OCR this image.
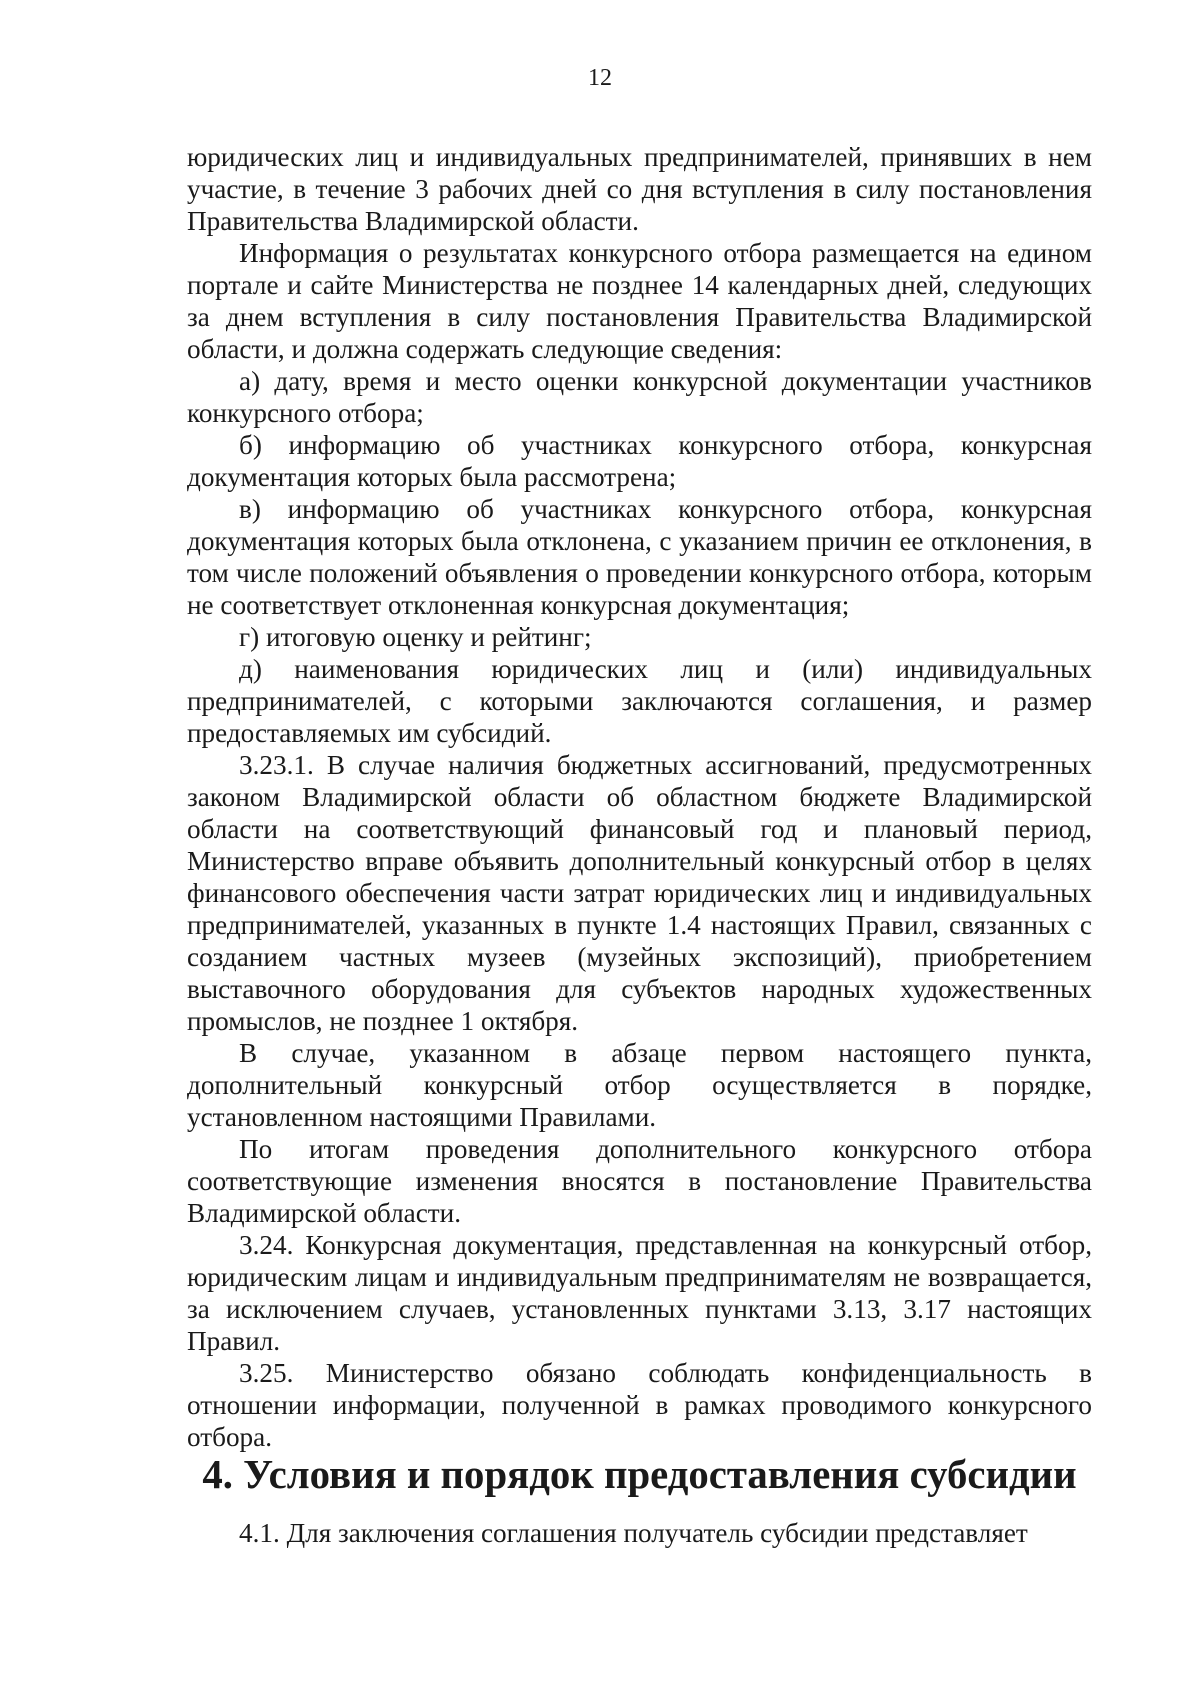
12

юридических лиц и индивидуальных предпринимателей, принявших в нем участие, в течение 3 рабочих дней со дня вступления в силу постановления Правительства Владимирской области.

Информация о результатах конкурсного отбора размещается на едином портале и сайте Министерства не позднее 14 календарных дней, следующих за днем вступления в силу постановления Правительства Владимирской области, и должна содержать следующие сведения:

а) дату, время и место оценки конкурсной документации участников конкурсного отбора;

б) информацию об участниках конкурсного отбора, конкурсная документация которых была рассмотрена;

в) информацию об участниках конкурсного отбора, конкурсная документация которых была отклонена, с указанием причин ее отклонения, в том числе положений объявления о проведении конкурсного отбора, которым не соответствует отклоненная конкурсная документация;

г) итоговую оценку и рейтинг;

д) наименования юридических лиц и (или) индивидуальных предпринимателей, с которыми заключаются соглашения, и размер предоставляемых им субсидий.

3.23.1. В случае наличия бюджетных ассигнований, предусмотренных законом Владимирской области об областном бюджете Владимирской области на соответствующий финансовый год и плановый период, Министерство вправе объявить дополнительный конкурсный отбор в целях финансового обеспечения части затрат юридических лиц и индивидуальных предпринимателей, указанных в пункте 1.4 настоящих Правил, связанных с созданием частных музеев (музейных экспозиций), приобретением выставочного оборудования для субъектов народных художественных промыслов, не позднее 1 октября.

В случае, указанном в абзаце первом настоящего пункта, дополнительный конкурсный отбор осуществляется в порядке, установленном настоящими Правилами.

По итогам проведения дополнительного конкурсного отбора соответствующие изменения вносятся в постановление Правительства Владимирской области.

3.24. Конкурсная документация, представленная на конкурсный отбор, юридическим лицам и индивидуальным предпринимателям не возвращается, за исключением случаев, установленных пунктами 3.13, 3.17 настоящих Правил.

3.25. Министерство обязано соблюдать конфиденциальность в отношении информации, полученной в рамках проводимого конкурсного отбора.

4. Условия и порядок предоставления субсидии

4.1. Для заключения соглашения получатель субсидии представляет
